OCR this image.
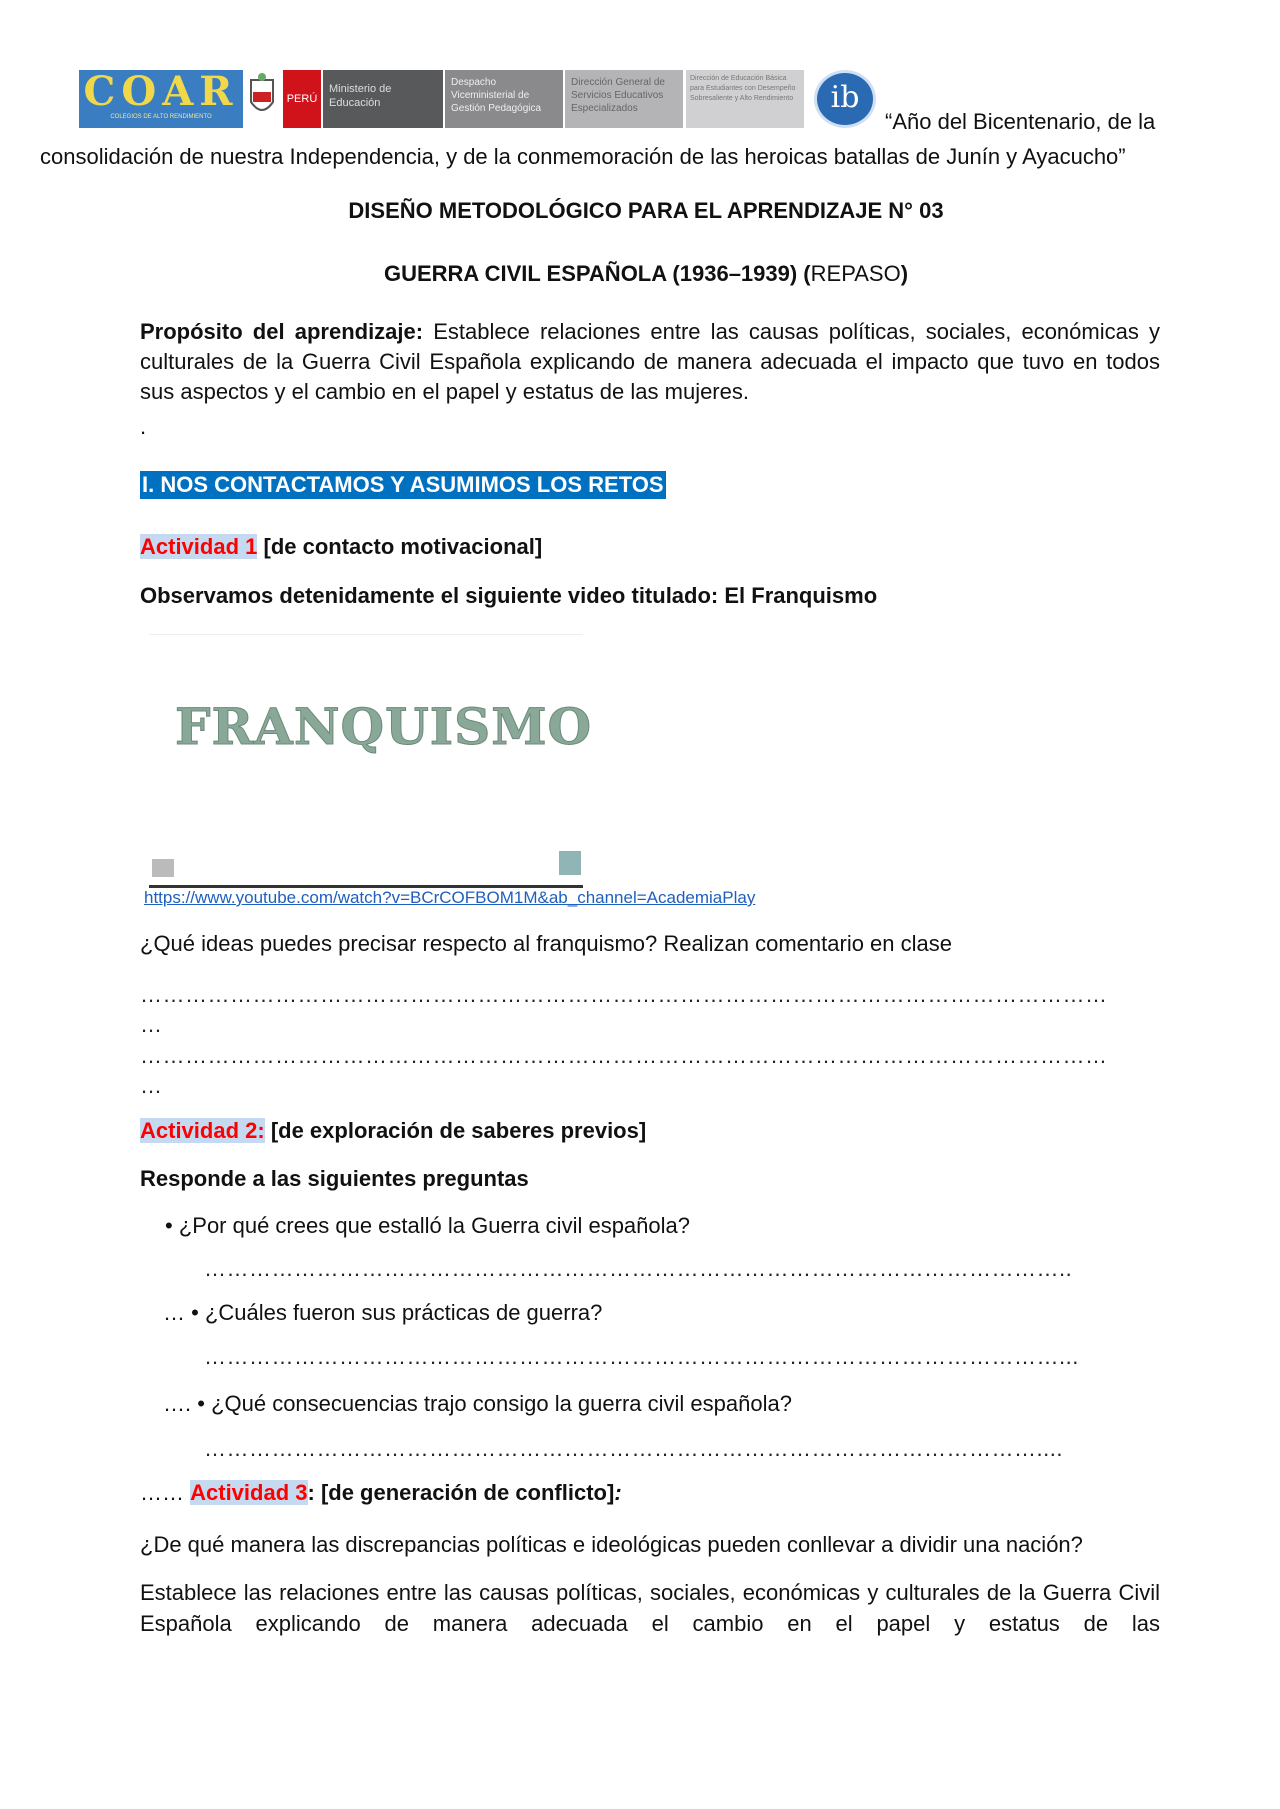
COAR
COLEGIOS DE ALTO RENDIMIENTO
PERÚ
Ministerio de Educación
Despacho Viceministerial de Gestión Pedagógica
Dirección General de Servicios Educativos Especializados
Dirección de Educación Básica para Estudiantes con Desempeño Sobresaliente y Alto Rendimiento	ib
“Año del Bicentenario, de la
consolidación de nuestra Independencia, y de la conmemoración de las heroicas batallas de Junín y Ayacucho”
DISEÑO METODOLÓGICO PARA EL APRENDIZAJE N° 03
GUERRA CIVIL ESPAÑOLA (1936–1939) (REPASO)
Propósito del aprendizaje: Establece relaciones entre las causas políticas, sociales, económicas y culturales de la Guerra Civil Española explicando de manera adecuada el impacto que tuvo en todos sus aspectos y el cambio en el papel y estatus de las mujeres.
.
I. NOS CONTACTAMOS Y ASUMIMOS LOS RETOS
Actividad 1 [de contacto motivacional]
Observamos detenidamente el siguiente video titulado: El Franquismo
FRANQUISMO
https://www.youtube.com/watch?v=BCrCOFBOM1M&ab_channel=AcademiaPlay
¿Qué ideas puedes precisar respecto al franquismo? Realizan comentario en clase
…………………………………………………………………………………………………………………
…
…………………………………………………………………………………………………………………
…
Actividad 2: [de exploración de saberes previos]
Responde a las siguientes preguntas
• ¿Por qué crees que estalló la Guerra civil española?
……………………………………………………………………………………………………..
… • ¿Cuáles fueron sus prácticas de guerra?
……………………………………………………………………………………………………...
…. • ¿Qué consecuencias trajo consigo la guerra civil española?
…………………………………………………………………………………………………....
…… Actividad 3: [de generación de conflicto]:
¿De qué manera las discrepancias políticas e ideológicas pueden conllevar a dividir una nación?
Establece las relaciones entre las causas políticas, sociales, económicas y culturales de la Guerra Civil Española explicando de manera adecuada el cambio en el papel y estatus de las
